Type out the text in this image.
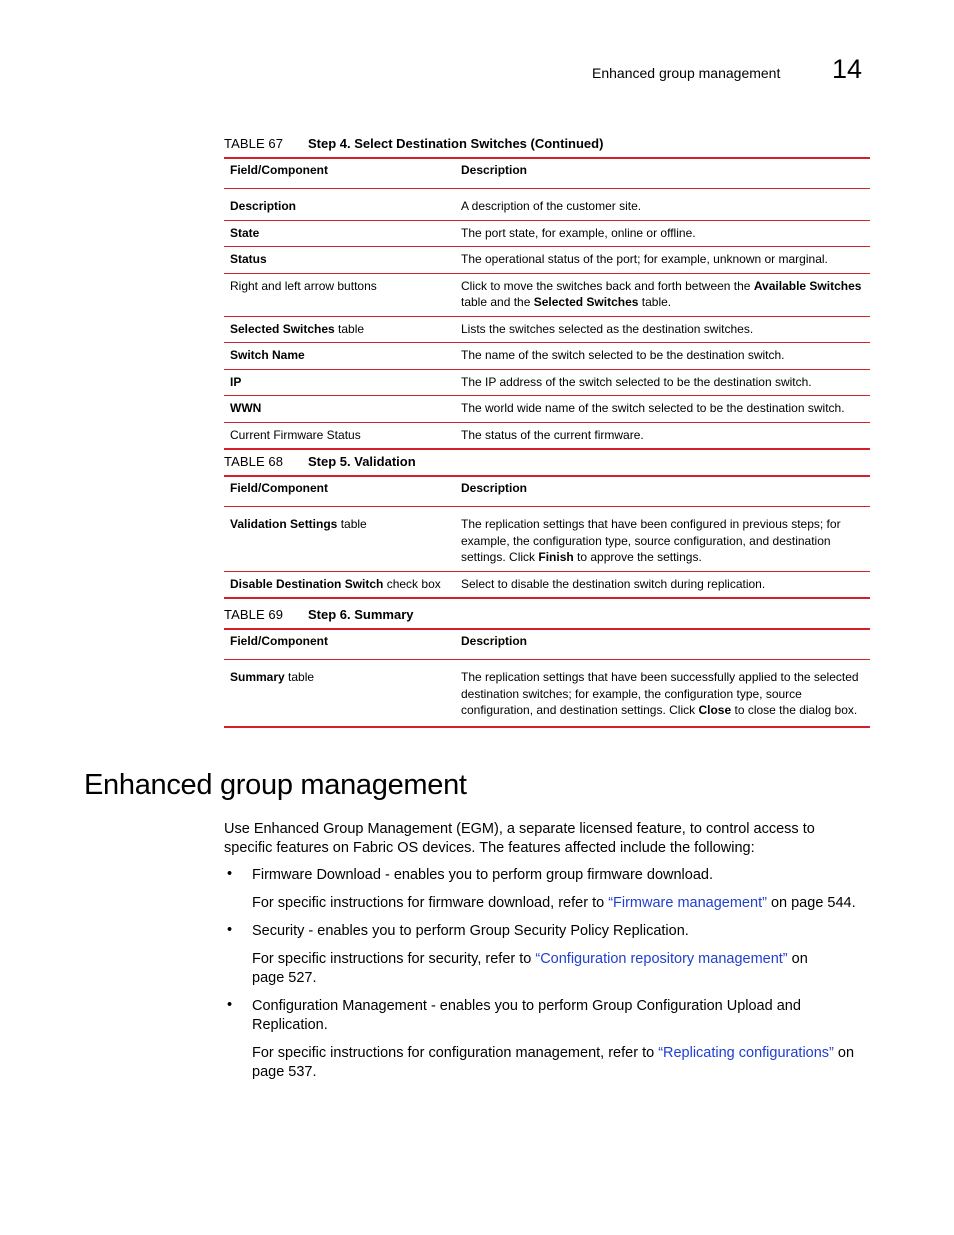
Enhanced group management 14
TABLE 67 Step 4. Select Destination Switches (Continued)
Field/Component	Description
Description	A description of the customer site.
State	The port state, for example, online or offline.
Status	The operational status of the port; for example, unknown or marginal.
Right and left arrow buttons	Click to move the switches back and forth between the Available Switches table and the Selected Switches table.
Selected Switches table	Lists the switches selected as the destination switches.
Switch Name	The name of the switch selected to be the destination switch.
IP	The IP address of the switch selected to be the destination switch.
WWN	The world wide name of the switch selected to be the destination switch.
Current Firmware Status	The status of the current firmware.
TABLE 68 Step 5. Validation
Field/Component	Description
Validation Settings table	The replication settings that have been configured in previous steps; for example, the configuration type, source configuration, and destination settings. Click Finish to approve the settings.
Disable Destination Switch check box	Select to disable the destination switch during replication.
TABLE 69 Step 6. Summary
Field/Component	Description
Summary table	The replication settings that have been successfully applied to the selected destination switches; for example, the configuration type, source configuration, and destination settings. Click Close to close the dialog box.
Enhanced group management
Use Enhanced Group Management (EGM), a separate licensed feature, to control access to specific features on Fabric OS devices. The features affected include the following:
• Firmware Download - enables you to perform group firmware download.
For specific instructions for firmware download, refer to “Firmware management” on page 544.
• Security - enables you to perform Group Security Policy Replication.
For specific instructions for security, refer to “Configuration repository management” on page 527.
• Configuration Management - enables you to perform Group Configuration Upload and Replication.
For specific instructions for configuration management, refer to “Replicating configurations” on page 537.
